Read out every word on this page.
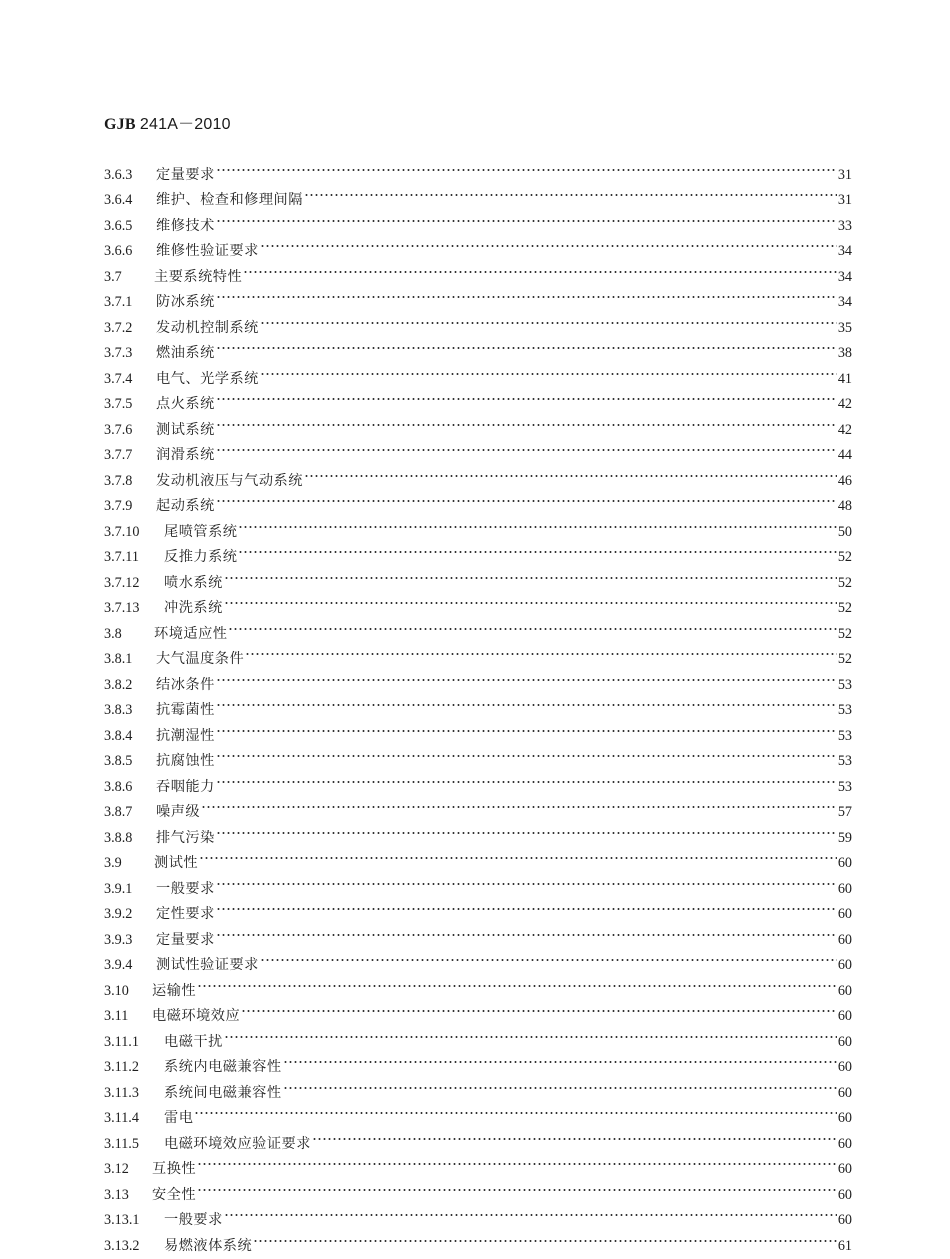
GJB 241A－2010
3.6.3	定量要求	31
3.6.4	维护、检查和修理间隔	31
3.6.5	维修技术	33
3.6.6	维修性验证要求	34
3.7	主要系统特性	34
3.7.1	防冰系统	34
3.7.2	发动机控制系统	35
3.7.3	燃油系统	38
3.7.4	电气、光学系统	41
3.7.5	点火系统	42
3.7.6	测试系统	42
3.7.7	润滑系统	44
3.7.8	发动机液压与气动系统	46
3.7.9	起动系统	48
3.7.10	尾喷管系统	50
3.7.11	反推力系统	52
3.7.12	喷水系统	52
3.7.13	冲洗系统	52
3.8	环境适应性	52
3.8.1	大气温度条件	52
3.8.2	结冰条件	53
3.8.3	抗霉菌性	53
3.8.4	抗潮湿性	53
3.8.5	抗腐蚀性	53
3.8.6	吞咽能力	53
3.8.7	噪声级	57
3.8.8	排气污染	59
3.9	测试性	60
3.9.1	一般要求	60
3.9.2	定性要求	60
3.9.3	定量要求	60
3.9.4	测试性验证要求	60
3.10	运输性	60
3.11	电磁环境效应	60
3.11.1	电磁干扰	60
3.11.2	系统内电磁兼容性	60
3.11.3	系统间电磁兼容性	60
3.11.4	雷电	60
3.11.5	电磁环境效应验证要求	60
3.12	互换性	60
3.13	安全性	60
3.13.1	一般要求	60
3.13.2	易燃液体系统	61
